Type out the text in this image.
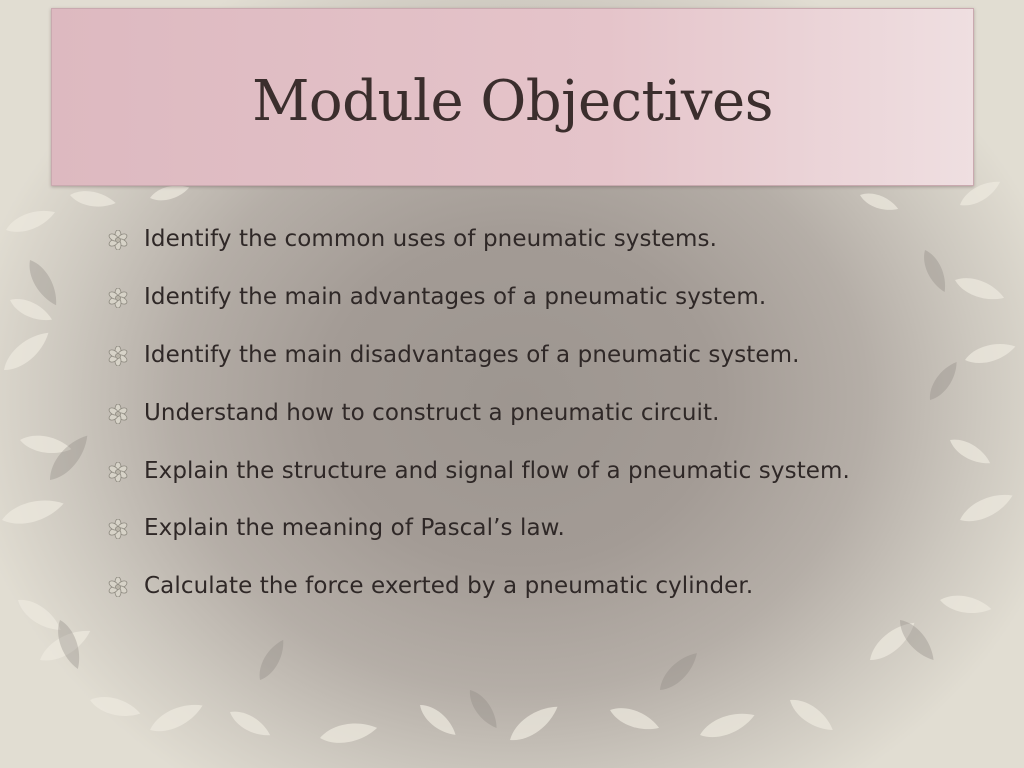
Module Objectives
Identify the common uses of pneumatic systems.
Identify the main advantages of a pneumatic system.
Identify the main disadvantages of a pneumatic system.
Understand how to construct a pneumatic circuit.
Explain the structure and signal flow of a pneumatic system.
Explain the meaning of Pascal’s law.
Calculate the force exerted by a pneumatic cylinder.
